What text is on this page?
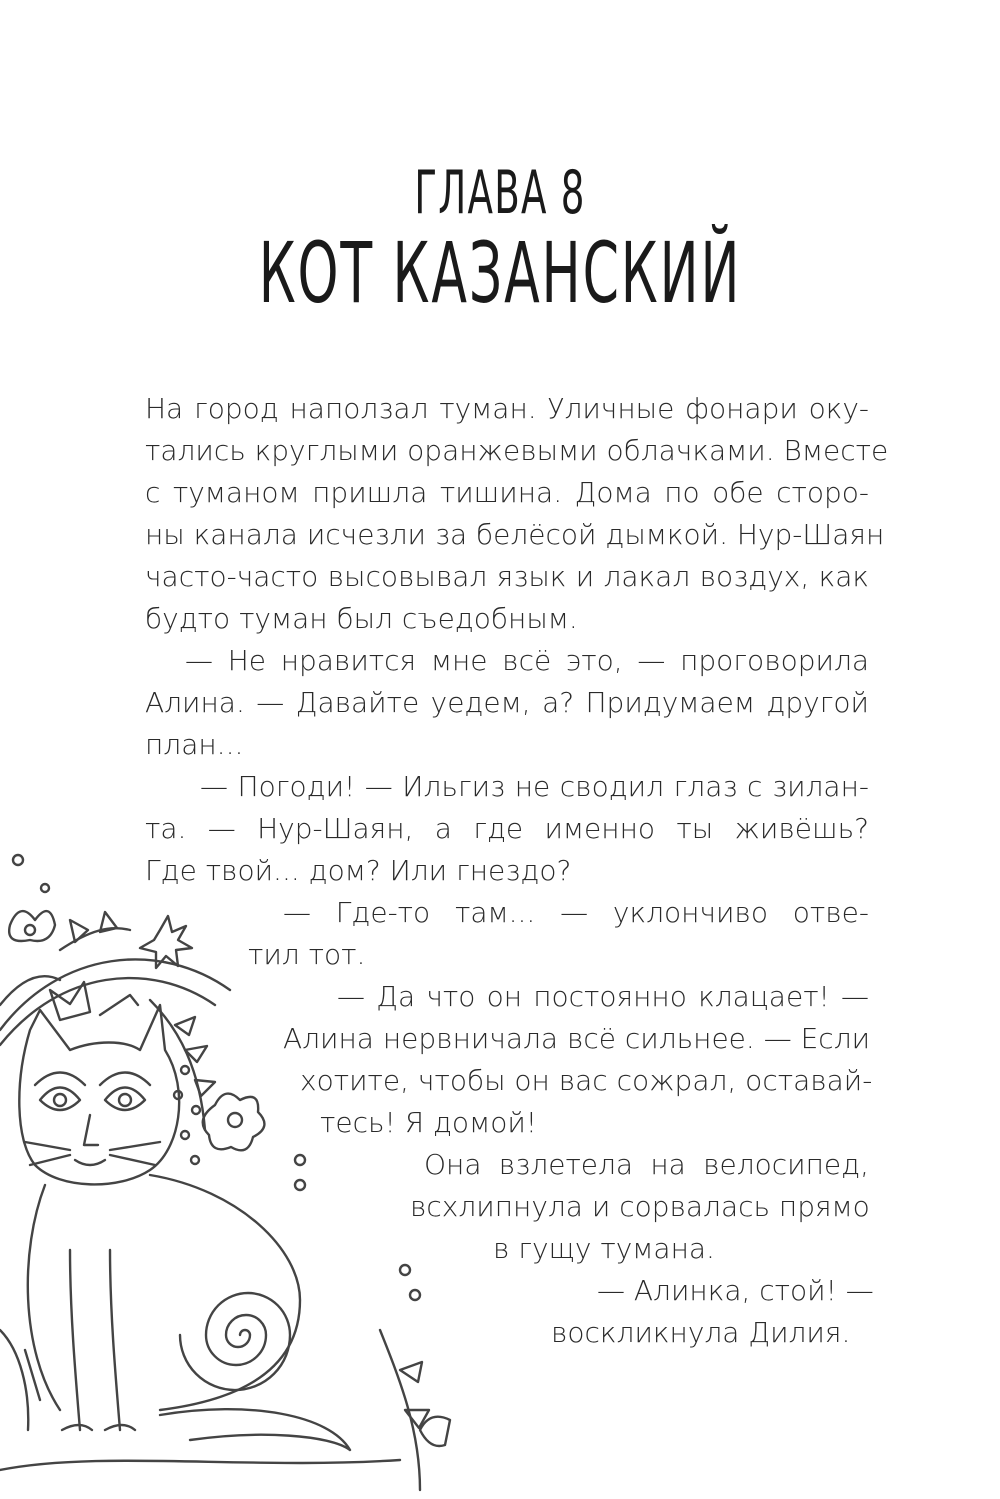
ГЛАВА 8
КОТ КАЗАНСКИЙ
На город наползал туман. Уличные фонари оку-
тались круглыми оранжевыми облачками. Вместе
с туманом пришла тишина. Дома по обе сторо-
ны канала исчезли за белёсой дымкой. Нур-Шаян
часто-часто высовывал язык и лакал воздух, как
будто туман был съедобным.
— Не нравится мне всё это, — проговорила
Алина. — Давайте уедем, а? Придумаем другой
план...
— Погоди! — Ильгиз не сводил глаз с зилан-
та. — Нур-Шаян, а где именно ты живёшь?
Где твой... дом? Или гнездо?
— Где-то там... — уклончиво отве-
тил тот.
— Да что он постоянно клацает! —
Алина нервничала всё сильнее. — Если
хотите, чтобы он вас сожрал, оставай-
тесь! Я домой!
Она взлетела на велосипед,
всхлипнула и сорвалась прямо
в гущу тумана.
— Алинка, стой! —
воскликнула Дилия.
